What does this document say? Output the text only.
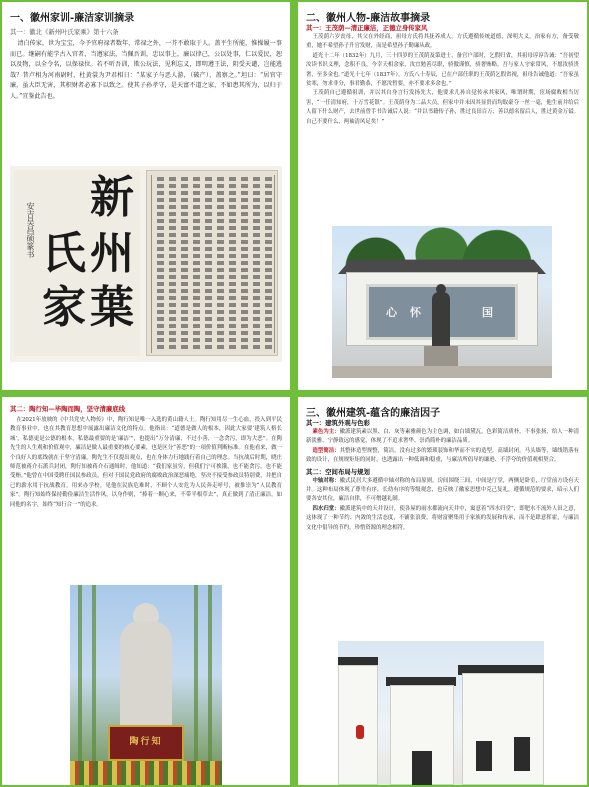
一、徽州家训-廉洁家训摘录
其一：徽北《新州叶氏家乘》第十六条
清白传家，世为宝宝，今予官府禄者数年，常禄之外，一芥不敢取于人。盖平生所能，惟操履一事而已。继嗣有能学古入官者，当遵家法，当佩吾训，忠以事上，廉以律己，公以处事，仁以爱民，恕以及物，以全令名，以保禄位。若不听吾训，欺公玩法，见利忘义，即明遵王法，阴受天谴，岂能逃哉？昔卢相为河南尉时，杜黄裳为尹君相日：“某家子与恶人游，（破产），盖察之。”坦曰：“居官守廉，虽大臣无害，其积财者必寡下以致之。使其子孙孝守，是天富不道之家，不如患其所为，以归于人。”宜鉴此告也。
安吉吴昌硕篆书
新
州
氏
家 葉
二、徽州人物-廉洁故事摘录
其一：王茂荫—清正廉洁，正德立身传家风
王茂荫六岁丧母，其父在外经商，祖母方氏将其抚养成人。方氏遵循传统道德，深明大义，治家有方，备受敬重，她不希望孙子升官发财，而是希望孙子勤廉从政。
道光十二年（1832年）九月，三十四岁的王茂荫及第进士，备官户部时，乞假归省，其祖母谆谆告诫：“吾初望汝读书识义理，念积不良，今幸天相余家，汝宜勉善尽职，骄傲谨慎，骄奢贿略，吾与家人守家常风，不愿汝骄贵奢，至多金也。”道光十七年（1837年），方氏八十寿辰，已在户部任职的王茂荫乞假省视，祖母告诫他道：“吾家虽贫寒，勿求非分，事君勤恭，不愿汝暂要，亦不要求多余也。”
王茂荫自己遵循祖训，并以其自身言行发扬先大，他要求儿孙自觉传承其家风，唯谓时期，宦场腐败相当厉害，“一任清知府，十万雪花银”。王茂荫身为二品大员，但家中并未因其显贵而均取豪夺一丝一毫，他生前并给后人留下什么财产，去世前曾手书告诫后人说：“并以书籍传子孙，胜过良田百万；善以德名留后人，胜过黄金万镒。自己不要什么，两袖清风足矣！”
心 怀	国
其二：陶行知—毕陶而陶，坚守清廉底线
在2021年放映的《中共党史人物传》中，陶行知是唯一入选的黄山籍人士。陶行知用尽一生心血，投入到平民教育事业中，也在其教育思想中展露出廉洁文化的特点。他指出：“道德是做人的根本，因此大家要‘建筑人格长城’，私德更是公德的根本，私德最重要的是‘廉洁’”，也提出“万分清廉，不过小善，一念贪污，即为大恶”。在陶先生的人生观和价值观中，廉洁是做人最重要的核心要素，也是区分“善恶”的一项价值判断标准。在他看来，做一个良好人的底线就在于坚守清廉，陶先生不仅提出观点，也在身体力行地践行着自己的理念。当抗战后时期，晓庄师范被蒋介石派兵封闭，陶行知被蒋介石通缉时，他知道：“我们家虽穷，但我们宁可挨饿，也不能贪污，也不能受贿。”他曾在中国受聘任国民参政员，但对于国民党政府的腐败政治深恶痛绝，坚决不接受参政员特别费，并把自己的薪水用于抗战教育，用来办学校。见他在民族危难时，不顾个人安危为人民奔走呼号，被推崇为“人民教育家”。陶行知始终保持勤俭廉洁生活作风，以身作则，“捧着一颗心来，不带半根草去”，真正做到了清正廉洁，如同他的名字，始终“知行合一”的追求。
陶行知
三、徽州建筑-蕴含的廉洁因子
其一：建筑外观与色彩
素色为主：徽派建筑素以黑、白、灰等素雅颜色为主色调，如白墙黛瓦，色彩简洁质朴，不事张扬，给人一种清新淡雅、宁静致远的感觉，体现了不追求奢华、崇尚简朴的廉洁品质。
造型简洁：其整体造型规整，简洁，没有过多的繁琐装饰和华而不实的造型。高墙封闭，马头墙等，墙线错落有致的设计，在规规矩矩的同时，也透露出一种低调和稳重，与廉洁所倡导的谦逊、不浮夸的价值观相契合。
其二：空间布局与规划
中轴对称：徽式民居大多遵循中轴对称的布局原则，房间围绕三间，中间是厅堂，两侧是卧室，厅堂前方设有天井。这种布局体现了尊卑有序，长幼有序的等级观念，也反映了徽家思想中克己复礼，遵循规范的要求，暗示人们要各安其位，廉洁自律，不可僭越礼制。
四水归堂：徽派建筑中的天井设计，使各屋的雨水都流向天井中，寓意着“四水归堂”，即肥水不流外人田之意，这体现了一种节约、内敛的生活态度，不铺张浪费，将财富聚集用于家族的发展和传承，而不是肆意挥霍，与廉洁文化中倡导的节约，珍惜资源的理念相符。
